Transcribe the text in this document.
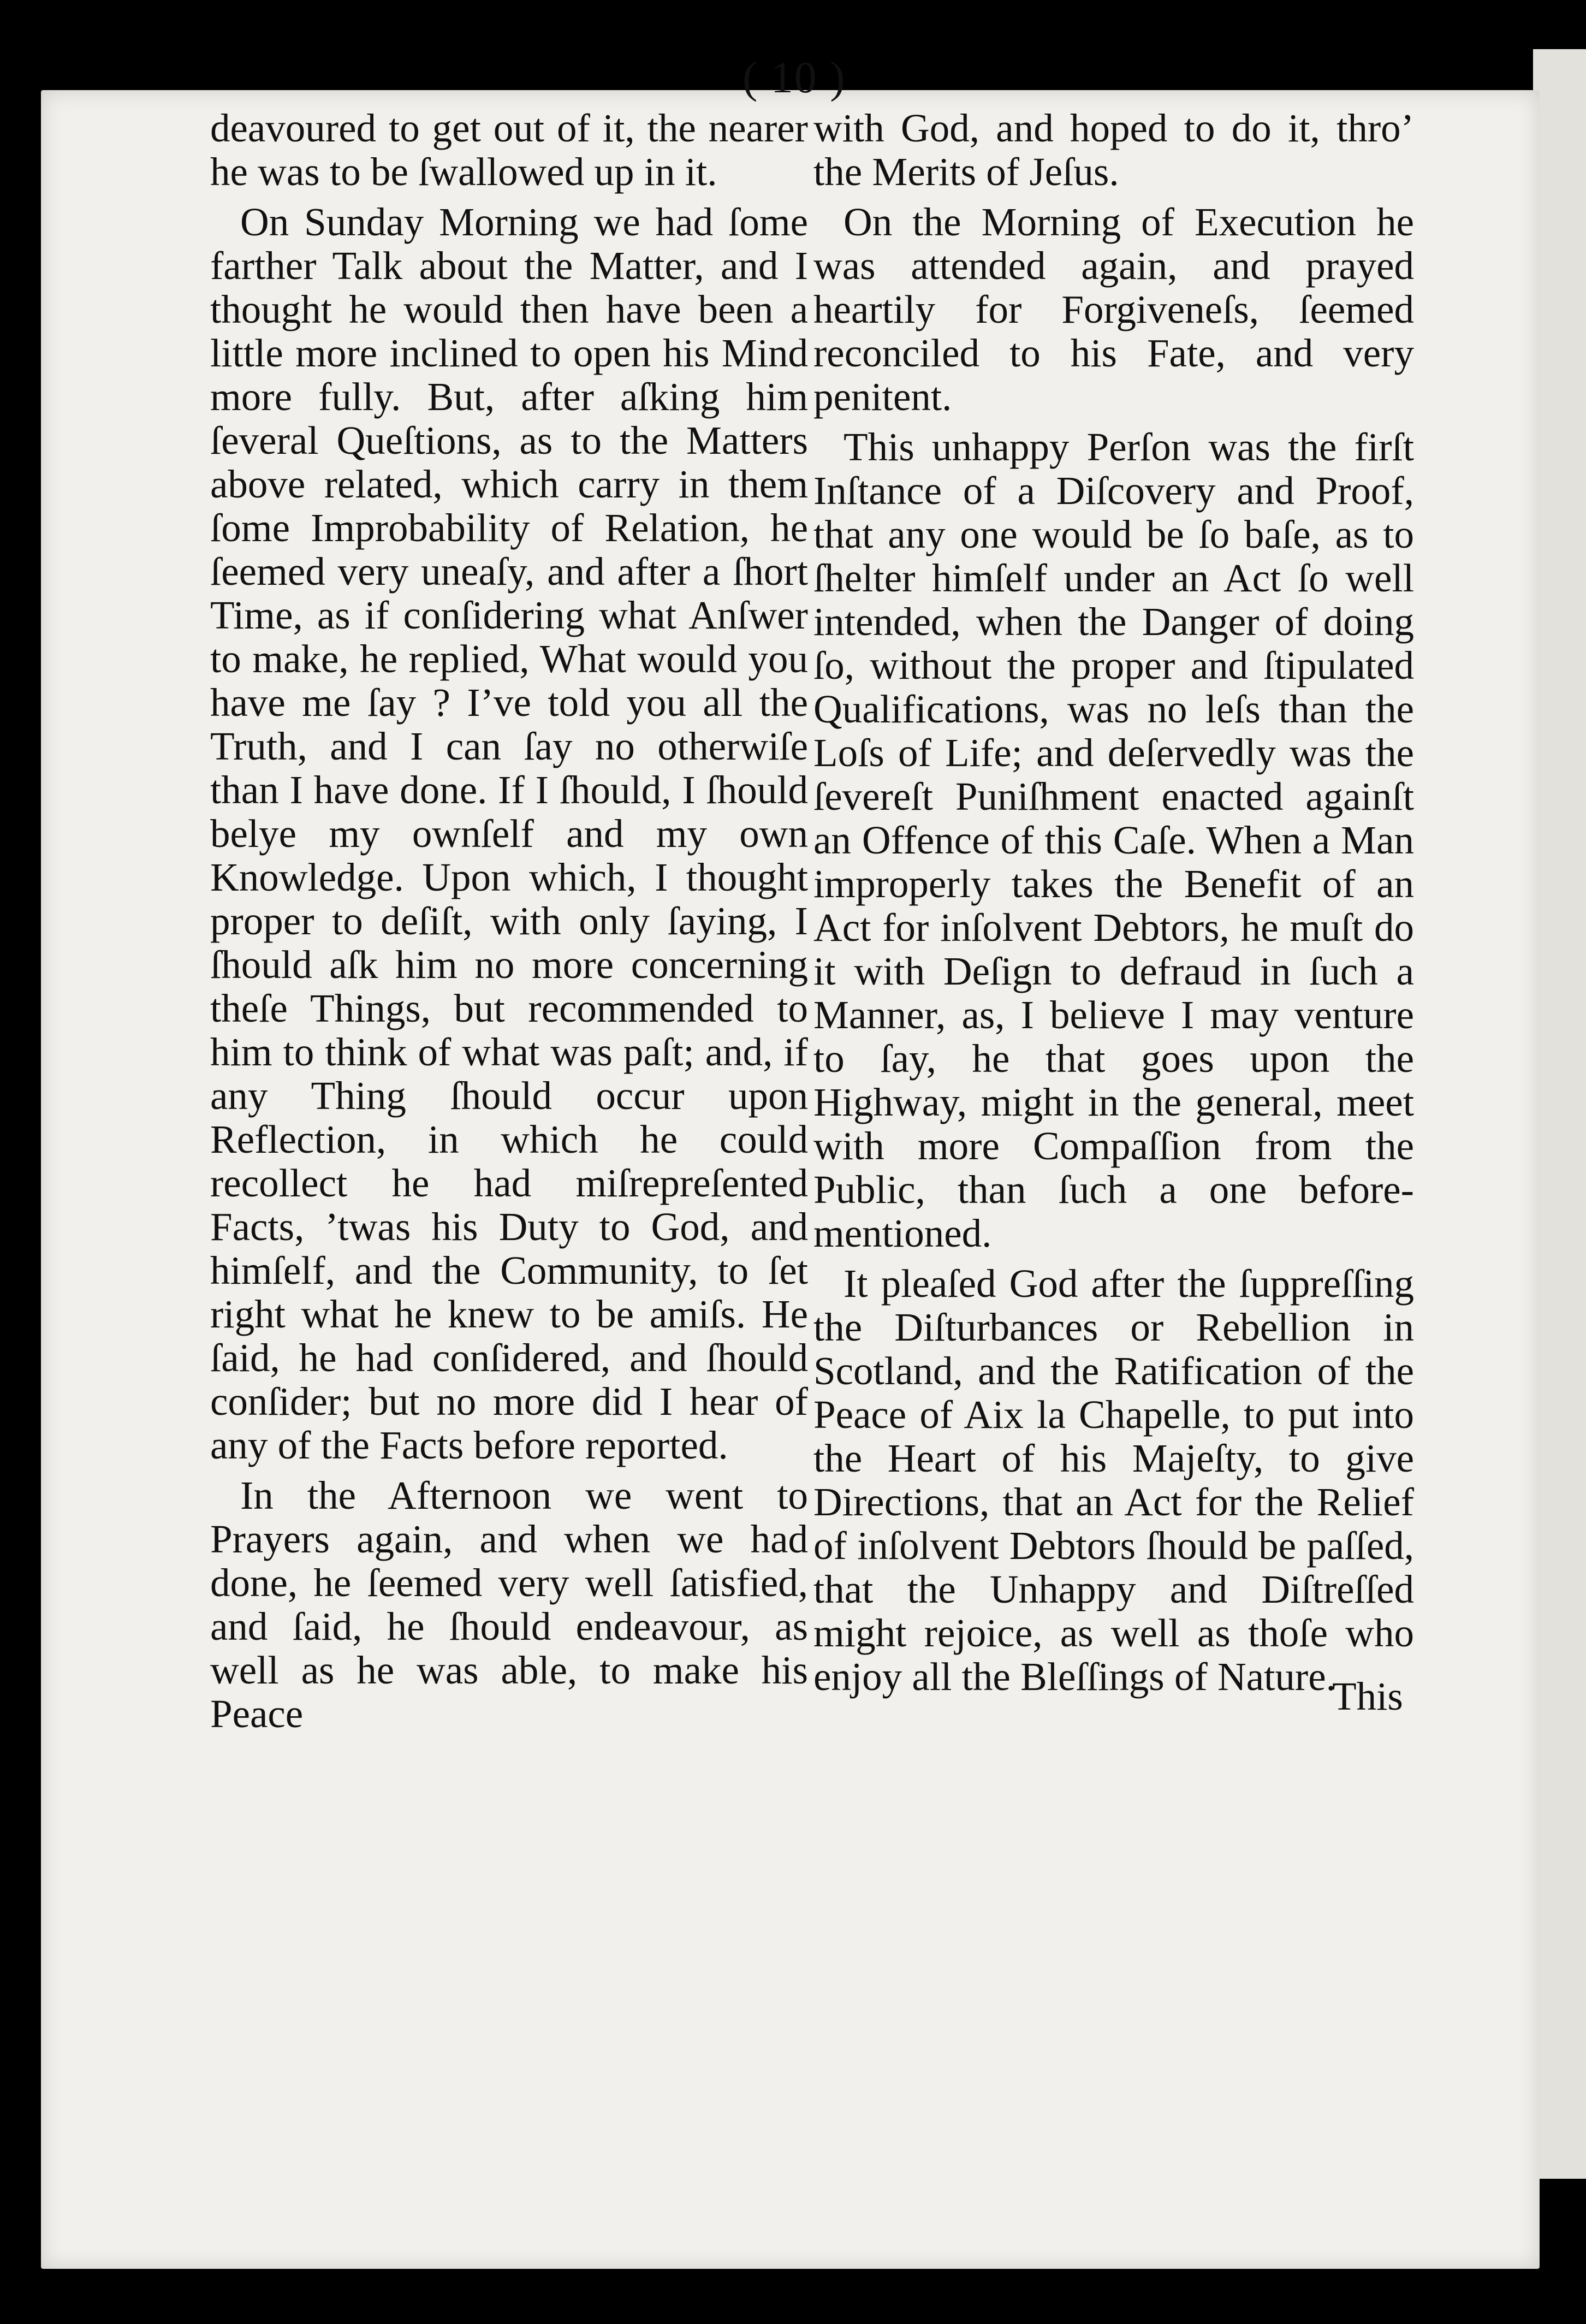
( 10 )

deavoured to get out of it, the nearer he was to be ſwallowed up in it.

On Sunday Morning we had ſome farther Talk about the Matter, and I thought he would then have been a little more inclined to open his Mind more fully. But, after aſking him ſeveral Queſtions, as to the Matters above related, which carry in them ſome Improbability of Relation, he ſeemed very uneaſy, and after a ſhort Time, as if conſidering what Anſwer to make, he replied, What would you have me ſay ? I’ve told you all the Truth, and I can ſay no otherwiſe than I have done. If I ſhould, I ſhould belye my ownſelf and my own Knowledge. Upon which, I thought proper to deſiſt, with only ſaying, I ſhould aſk him no more concerning theſe Things, but recommended to him to think of what was paſt; and, if any Thing ſhould occur upon Reflection, in which he could recollect he had miſrepreſented Facts, ’twas his Duty to God, and himſelf, and the Community, to ſet right what he knew to be amiſs. He ſaid, he had conſidered, and ſhould conſider; but no more did I hear of any of the Facts before reported.

In the Afternoon we went to Prayers again, and when we had done, he ſeemed very well ſatisfied, and ſaid, he ſhould endeavour, as well as he was able, to make his Peace

with God, and hoped to do it, thro’ the Merits of Jeſus.

On the Morning of Execution he was attended again, and prayed heartily for Forgiveneſs, ſeemed reconciled to his Fate, and very penitent.

This unhappy Perſon was the firſt Inſtance of a Diſcovery and Proof, that any one would be ſo baſe, as to ſhelter himſelf under an Act ſo well intended, when the Danger of doing ſo, without the proper and ſtipulated Qualifications, was no leſs than the Loſs of Life; and deſervedly was the ſevereſt Puniſhment enacted againſt an Offence of this Caſe. When a Man improperly takes the Benefit of an Act for inſolvent Debtors, he muſt do it with Deſign to defraud in ſuch a Manner, as, I believe I may venture to ſay, he that goes upon the Highway, might in the general, meet with more Compaſſion from the Public, than ſuch a one before-mentioned.

It pleaſed God after the ſuppreſſing the Diſturbances or Rebellion in Scotland, and the Ratification of the Peace of Aix la Chapelle, to put into the Heart of his Majeſty, to give Directions, that an Act for the Relief of inſolvent Debtors ſhould be paſſed, that the Unhappy and Diſtreſſed might rejoice, as well as thoſe who enjoy all the Bleſſings of Nature.

This
